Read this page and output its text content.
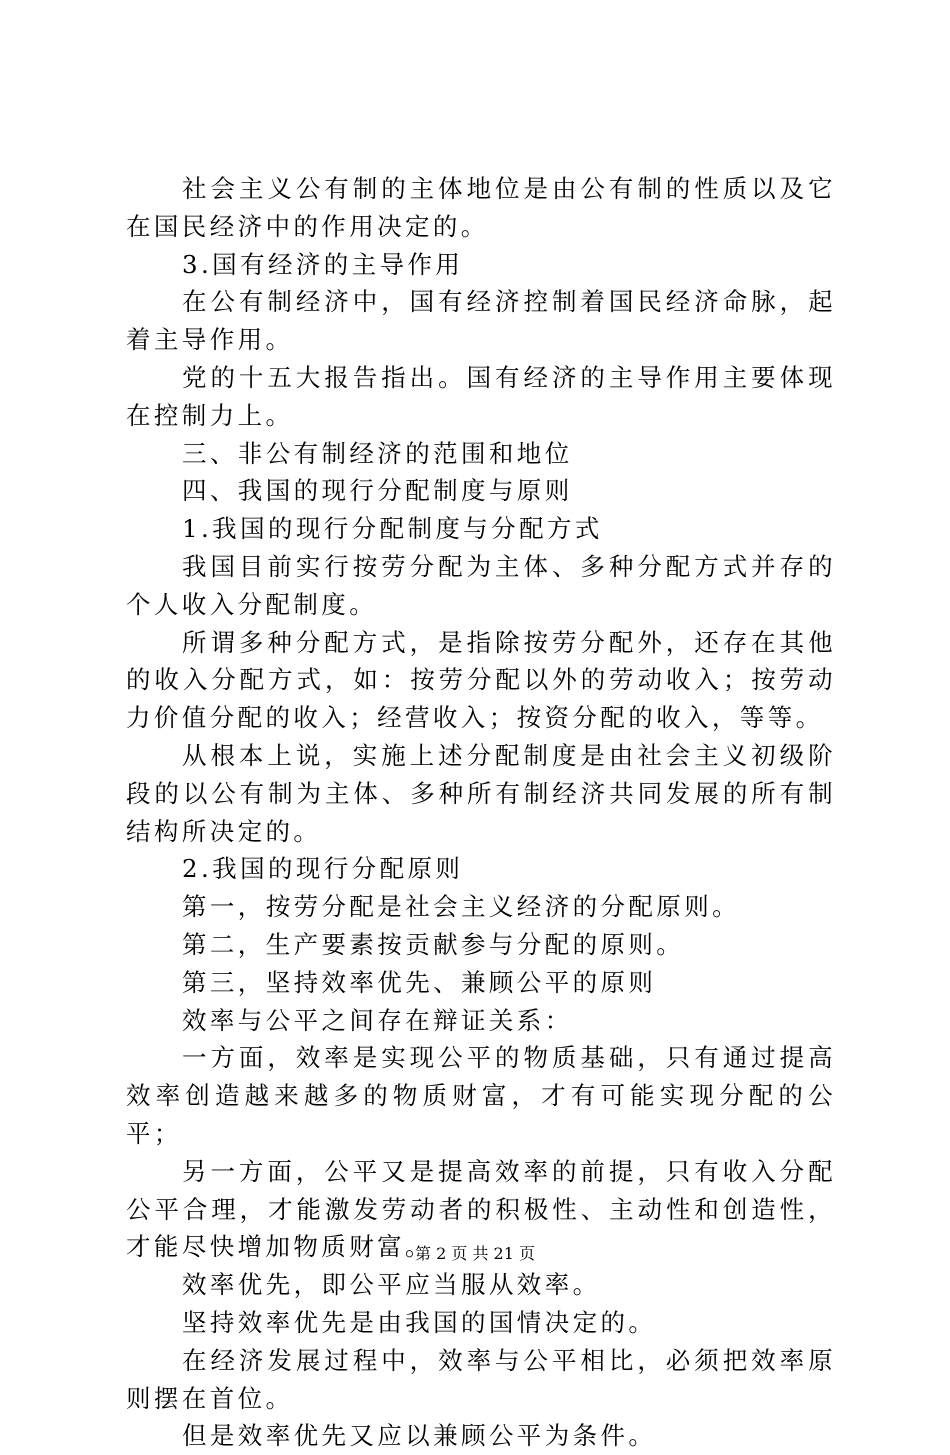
社会主义公有制的主体地位是由公有制的性质以及它在国民经济中的作用决定的。

3.国有经济的主导作用

在公有制经济中，国有经济控制着国民经济命脉，起着主导作用。

党的十五大报告指出。国有经济的主导作用主要体现在控制力上。

三、非公有制经济的范围和地位

四、我国的现行分配制度与原则

1.我国的现行分配制度与分配方式

我国目前实行按劳分配为主体、多种分配方式并存的个人收入分配制度。

所谓多种分配方式，是指除按劳分配外，还存在其他的收入分配方式，如：按劳分配以外的劳动收入；按劳动力价值分配的收入；经营收入；按资分配的收入，等等。

从根本上说，实施上述分配制度是由社会主义初级阶段的以公有制为主体、多种所有制经济共同发展的所有制结构所决定的。

2.我国的现行分配原则

第一，按劳分配是社会主义经济的分配原则。

第二，生产要素按贡献参与分配的原则。

第三，坚持效率优先、兼顾公平的原则

效率与公平之间存在辩证关系：

一方面，效率是实现公平的物质基础，只有通过提高效率创造越来越多的物质财富，才有可能实现分配的公平；

另一方面，公平又是提高效率的前提，只有收入分配公平合理，才能激发劳动者的积极性、主动性和创造性，才能尽快增加物质财富。

效率优先，即公平应当服从效率。

坚持效率优先是由我国的国情决定的。

在经济发展过程中，效率与公平相比，必须把效率原则摆在首位。

但是效率优先又应以兼顾公平为条件。

第 2 页 共 21 页
